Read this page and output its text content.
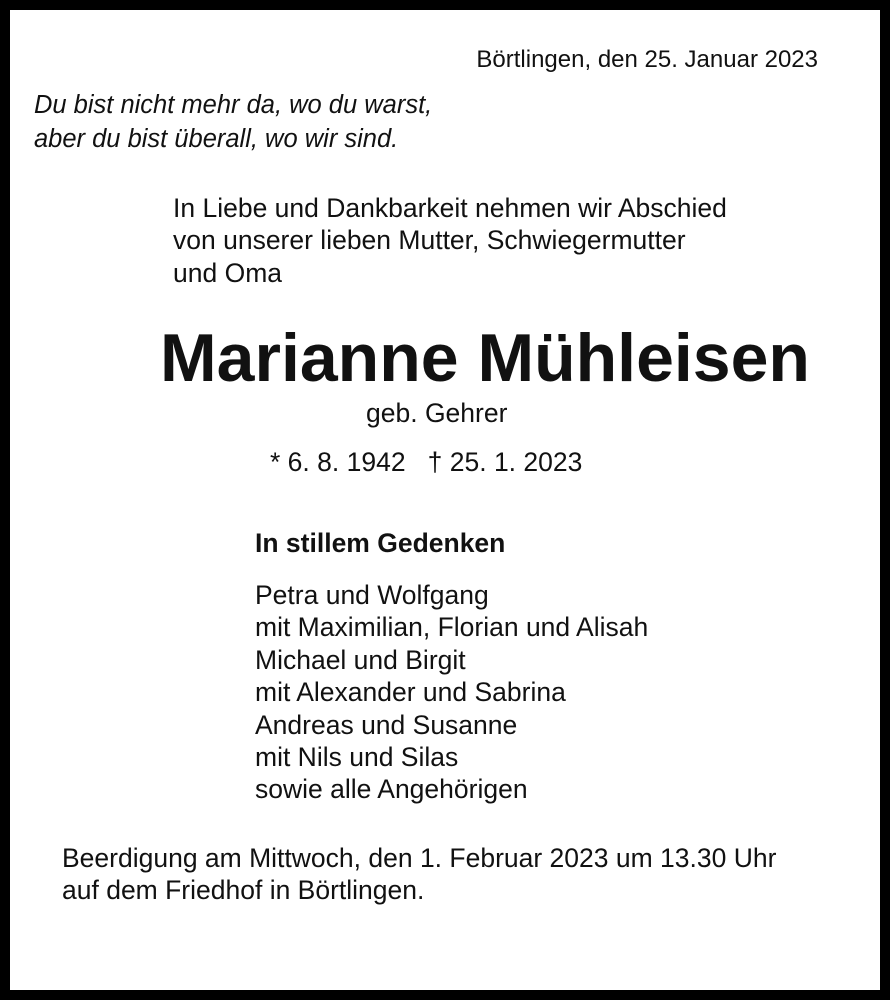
Börtlingen, den 25. Januar 2023
Du bist nicht mehr da, wo du warst,
aber du bist überall, wo wir sind.
In Liebe und Dankbarkeit nehmen wir Abschied
von unserer lieben Mutter, Schwiegermutter
und Oma
Marianne Mühleisen
geb. Gehrer
* 6. 8. 1942   † 25. 1. 2023
In stillem Gedenken
Petra und Wolfgang
mit Maximilian, Florian und Alisah
Michael und Birgit
mit Alexander und Sabrina
Andreas und Susanne
mit Nils und Silas
sowie alle Angehörigen
Beerdigung am Mittwoch, den 1. Februar 2023 um 13.30 Uhr
auf dem Friedhof in Börtlingen.
